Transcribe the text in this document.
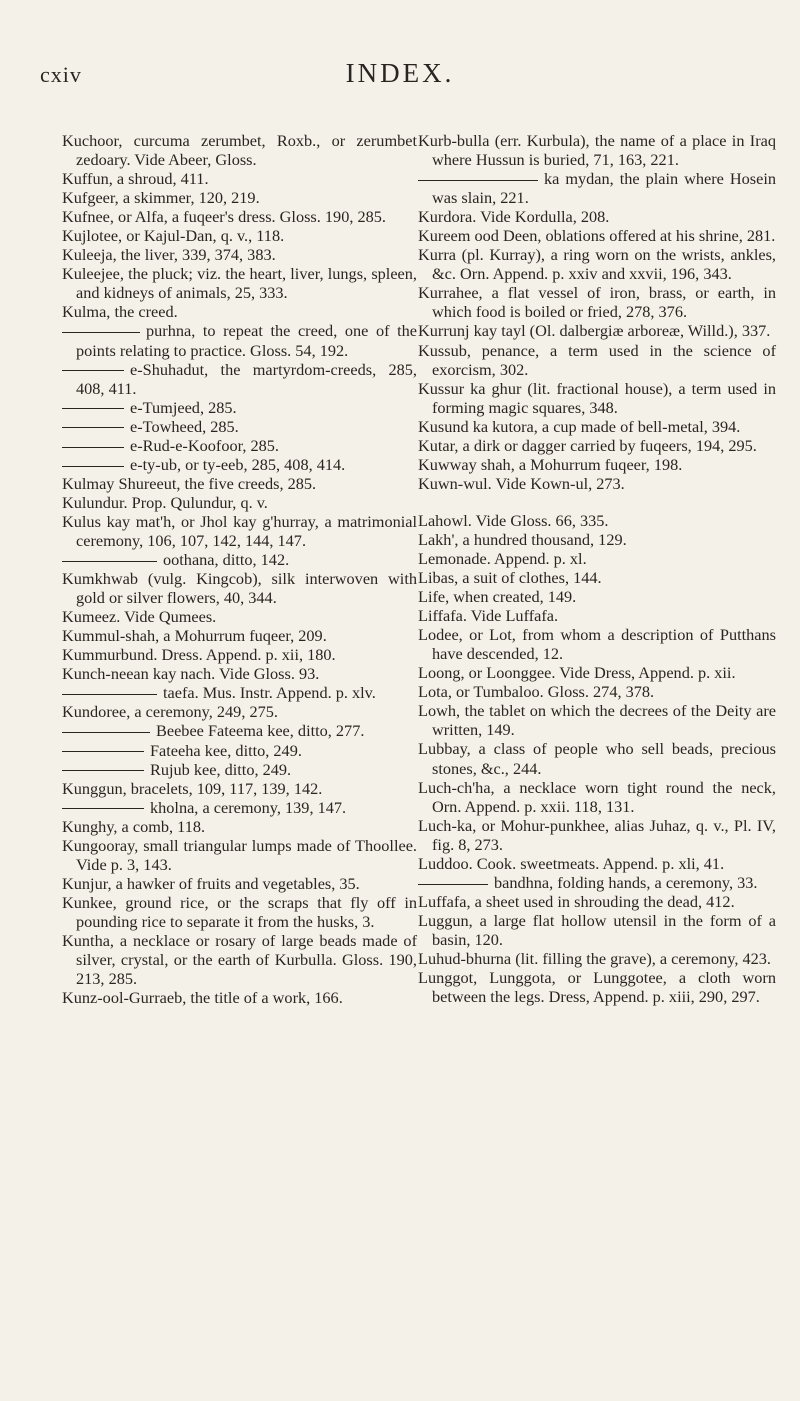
cxiv	INDEX.

Kuchoor, curcuma zerumbet, Roxb., or zerumbet zedoary. Vide Abeer, Gloss.

Kuffun, a shroud, 411.

Kufgeer, a skimmer, 120, 219.

Kufnee, or Alfa, a fuqeer's dress. Gloss. 190, 285.

Kujlotee, or Kajul-Dan, q. v., 118.

Kuleeja, the liver, 339, 374, 383.

Kuleejee, the pluck; viz. the heart, liver, lungs, spleen, and kidneys of animals, 25, 333.

Kulma, the creed.

purhna, to repeat the creed, one of the points relating to practice. Gloss. 54, 192.

e-Shuhadut, the martyrdom-creeds, 285, 408, 411.

e-Tumjeed, 285.

e-Towheed, 285.

e-Rud-e-Koofoor, 285.

e-ty-ub, or ty-eeb, 285, 408, 414.

Kulmay Shureeut, the five creeds, 285.

Kulundur. Prop. Qulundur, q. v.

Kulus kay mat'h, or Jhol kay g'hurray, a matrimonial ceremony, 106, 107, 142, 144, 147.

oothana, ditto, 142.

Kumkhwab (vulg. Kingcob), silk interwoven with gold or silver flowers, 40, 344.

Kumeez. Vide Qumees.

Kummul-shah, a Mohurrum fuqeer, 209.

Kummurbund. Dress. Append. p. xii, 180.

Kunch-neean kay nach. Vide Gloss. 93.

taefa. Mus. Instr. Append. p. xlv.

Kundoree, a ceremony, 249, 275.

Beebee Fateema kee, ditto, 277.

Fateeha kee, ditto, 249.

Rujub kee, ditto, 249.

Kunggun, bracelets, 109, 117, 139, 142.

kholna, a ceremony, 139, 147.

Kunghy, a comb, 118.

Kungooray, small triangular lumps made of Thoollee. Vide p. 3, 143.

Kunjur, a hawker of fruits and vegetables, 35.

Kunkee, ground rice, or the scraps that fly off in pounding rice to separate it from the husks, 3.

Kuntha, a necklace or rosary of large beads made of silver, crystal, or the earth of Kurbulla. Gloss. 190, 213, 285.

Kunz-ool-Gurraeb, the title of a work, 166.

Kurb-bulla (err. Kurbula), the name of a place in Iraq where Hussun is buried, 71, 163, 221.

ka mydan, the plain where Hosein was slain, 221.

Kurdora. Vide Kordulla, 208.

Kureem ood Deen, oblations offered at his shrine, 281.

Kurra (pl. Kurray), a ring worn on the wrists, ankles, &c. Orn. Append. p. xxiv and xxvii, 196, 343.

Kurrahee, a flat vessel of iron, brass, or earth, in which food is boiled or fried, 278, 376.

Kurrunj kay tayl (Ol. dalbergiæ arboreæ, Willd.), 337.

Kussub, penance, a term used in the science of exorcism, 302.

Kussur ka ghur (lit. fractional house), a term used in forming magic squares, 348.

Kusund ka kutora, a cup made of bell-metal, 394.

Kutar, a dirk or dagger carried by fuqeers, 194, 295.

Kuwway shah, a Mohurrum fuqeer, 198.

Kuwn-wul. Vide Kown-ul, 273.

Lahowl. Vide Gloss. 66, 335.

Lakh', a hundred thousand, 129.

Lemonade. Append. p. xl.

Libas, a suit of clothes, 144.

Life, when created, 149.

Liffafa. Vide Luffafa.

Lodee, or Lot, from whom a description of Putthans have descended, 12.

Loong, or Loonggee. Vide Dress, Append. p. xii.

Lota, or Tumbaloo. Gloss. 274, 378.

Lowh, the tablet on which the decrees of the Deity are written, 149.

Lubbay, a class of people who sell beads, precious stones, &c., 244.

Luch-ch'ha, a necklace worn tight round the neck, Orn. Append. p. xxii. 118, 131.

Luch-ka, or Mohur-punkhee, alias Juhaz, q. v., Pl. IV, fig. 8, 273.

Luddoo. Cook. sweetmeats. Append. p. xli, 41.

bandhna, folding hands, a ceremony, 33.

Luffafa, a sheet used in shrouding the dead, 412.

Luggun, a large flat hollow utensil in the form of a basin, 120.

Luhud-bhurna (lit. filling the grave), a ceremony, 423.

Lunggot, Lunggota, or Lunggotee, a cloth worn between the legs. Dress, Append. p. xiii, 290, 297.
